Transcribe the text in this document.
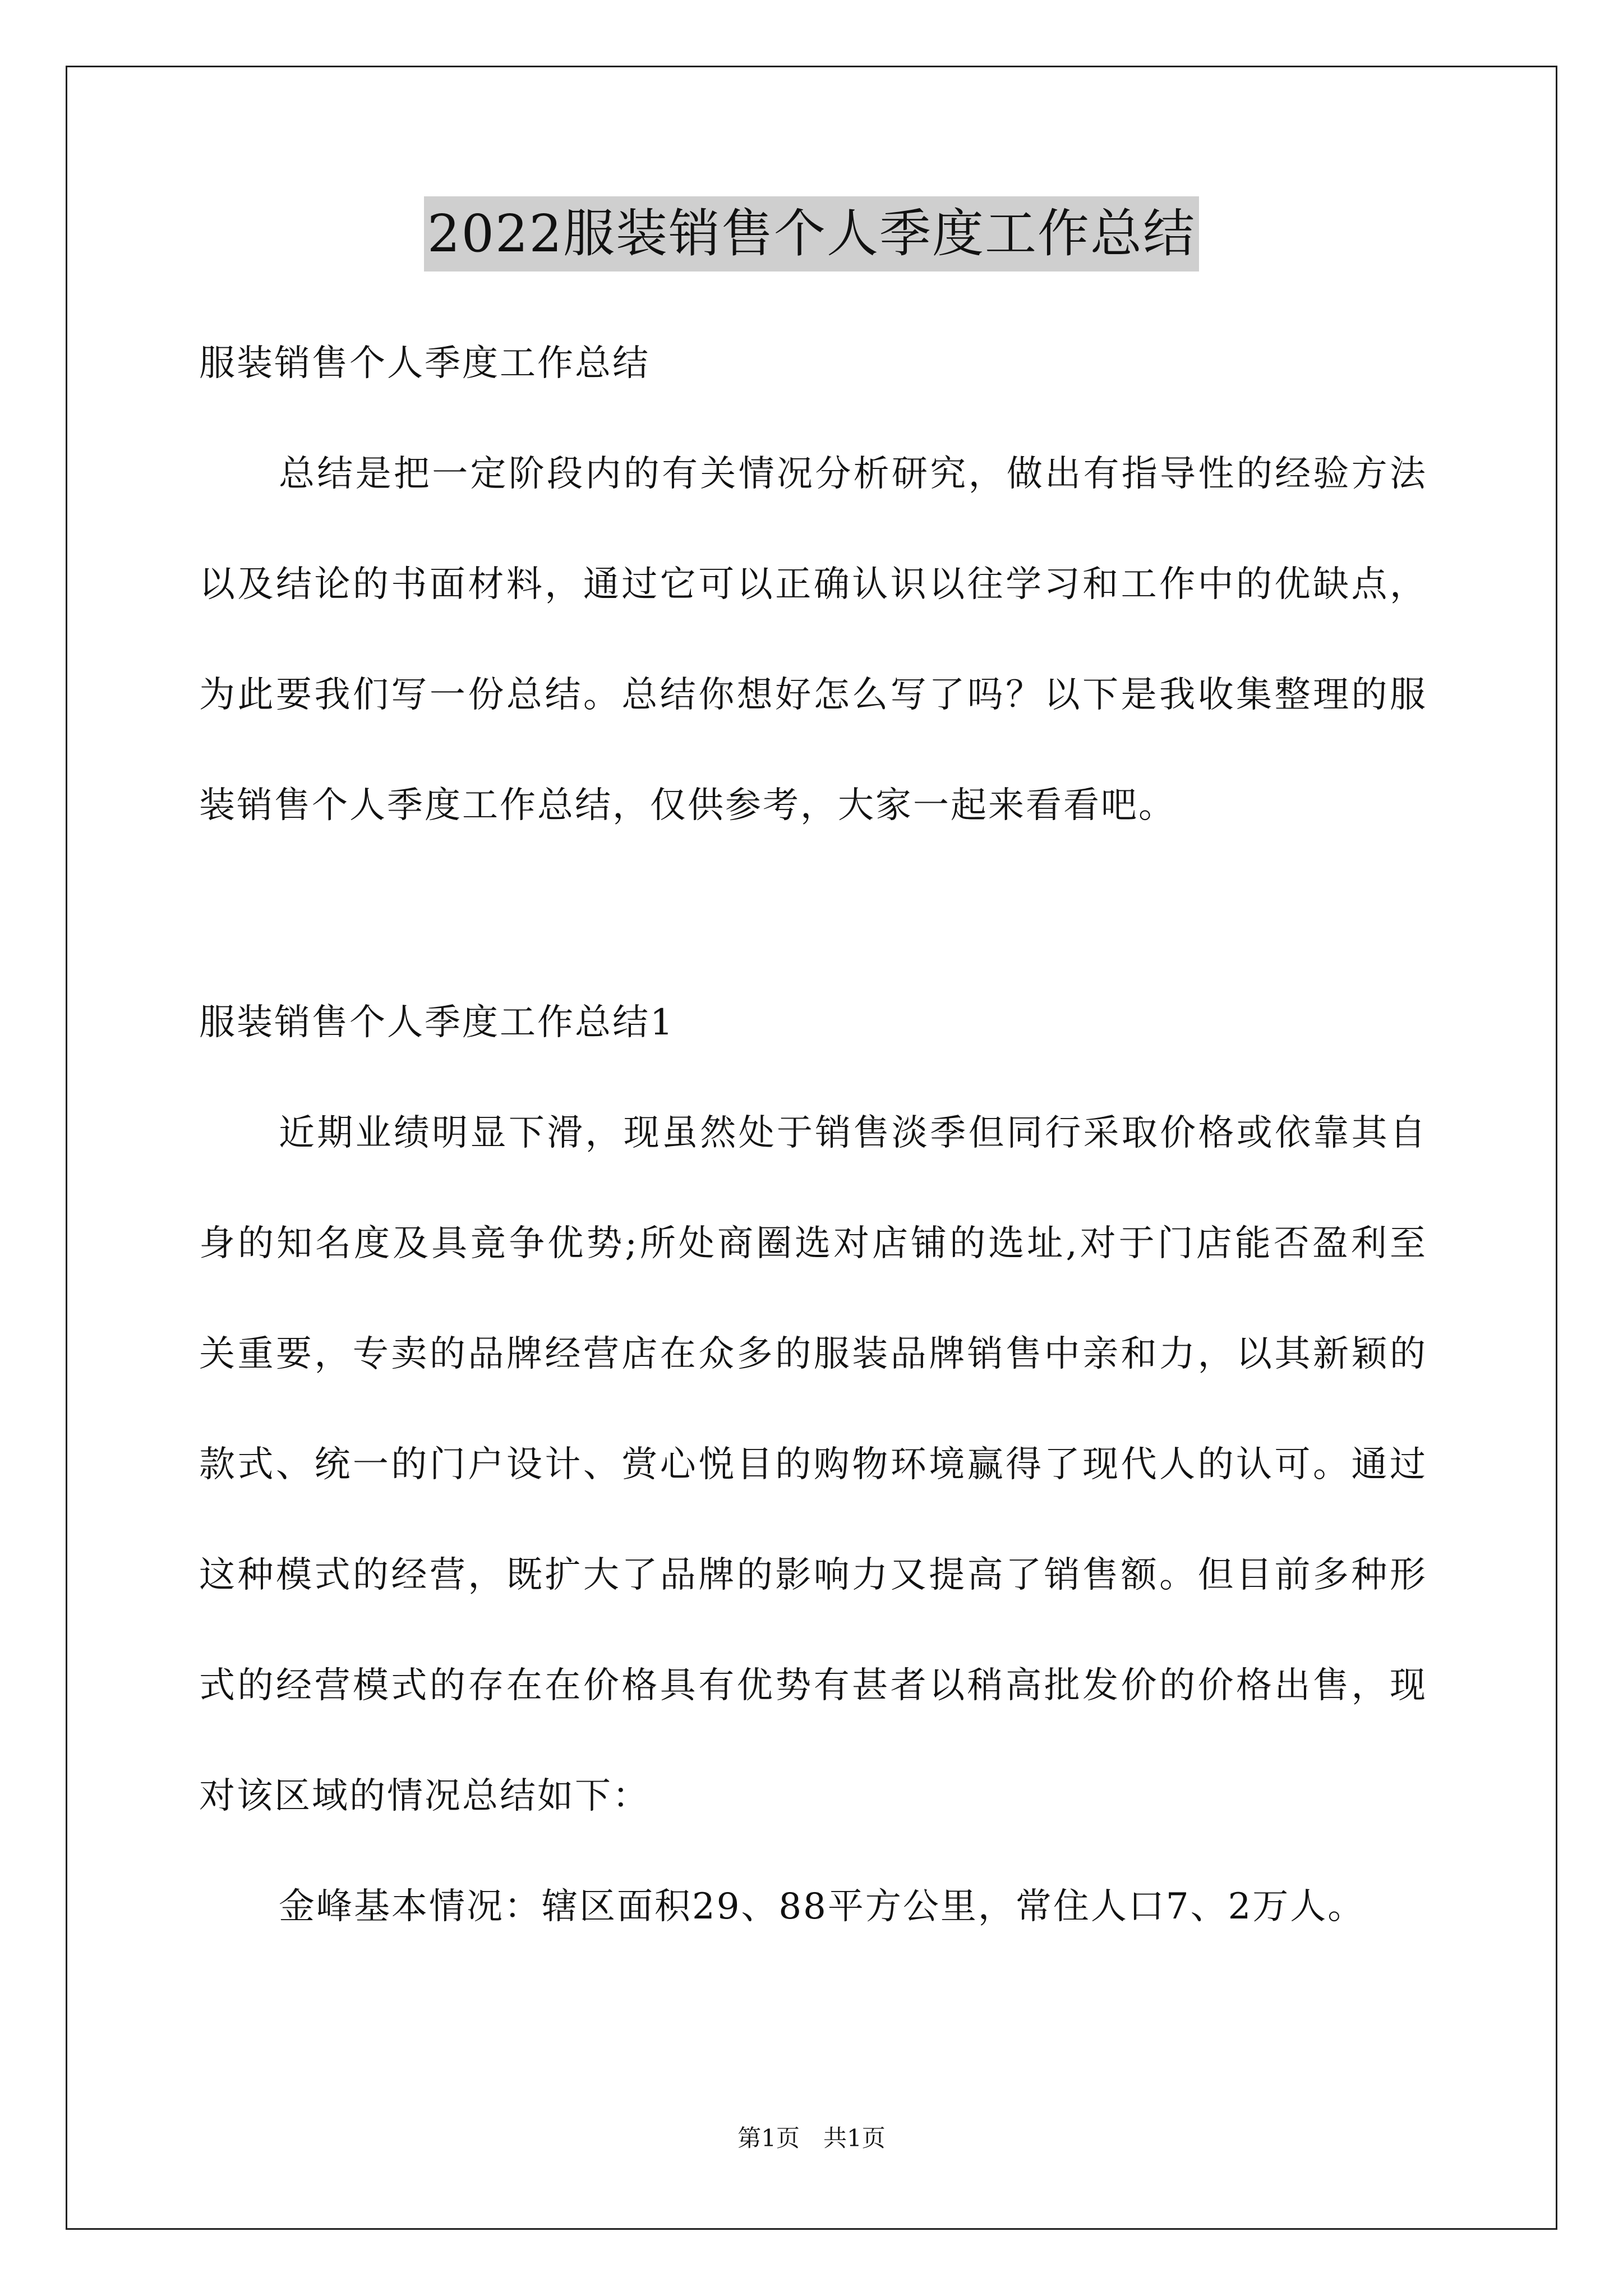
2022服装销售个人季度工作总结

服装销售个人季度工作总结

总结是把一定阶段内的有关情况分析研究，做出有指导性的经验方法以及结论的书面材料，通过它可以正确认识以往学习和工作中的优缺点，为此要我们写一份总结。总结你想好怎么写了吗？以下是我收集整理的服装销售个人季度工作总结，仅供参考，大家一起来看看吧。

服装销售个人季度工作总结1

近期业绩明显下滑，现虽然处于销售淡季但同行采取价格或依靠其自身的知名度及具竟争优势;所处商圈选对店铺的选址,对于门店能否盈利至关重要，专卖的品牌经营店在众多的服装品牌销售中亲和力，以其新颖的款式、统一的门户设计、赏心悦目的购物环境赢得了现代人的认可。通过这种模式的经营，既扩大了品牌的影响力又提高了销售额。但目前多种形式的经营模式的存在在价格具有优势有甚者以稍高批发价的价格出售，现对该区域的情况总结如下：

金峰基本情况：辖区面积29、88平方公里，常住人口7、2万人。

第1页　共1页
